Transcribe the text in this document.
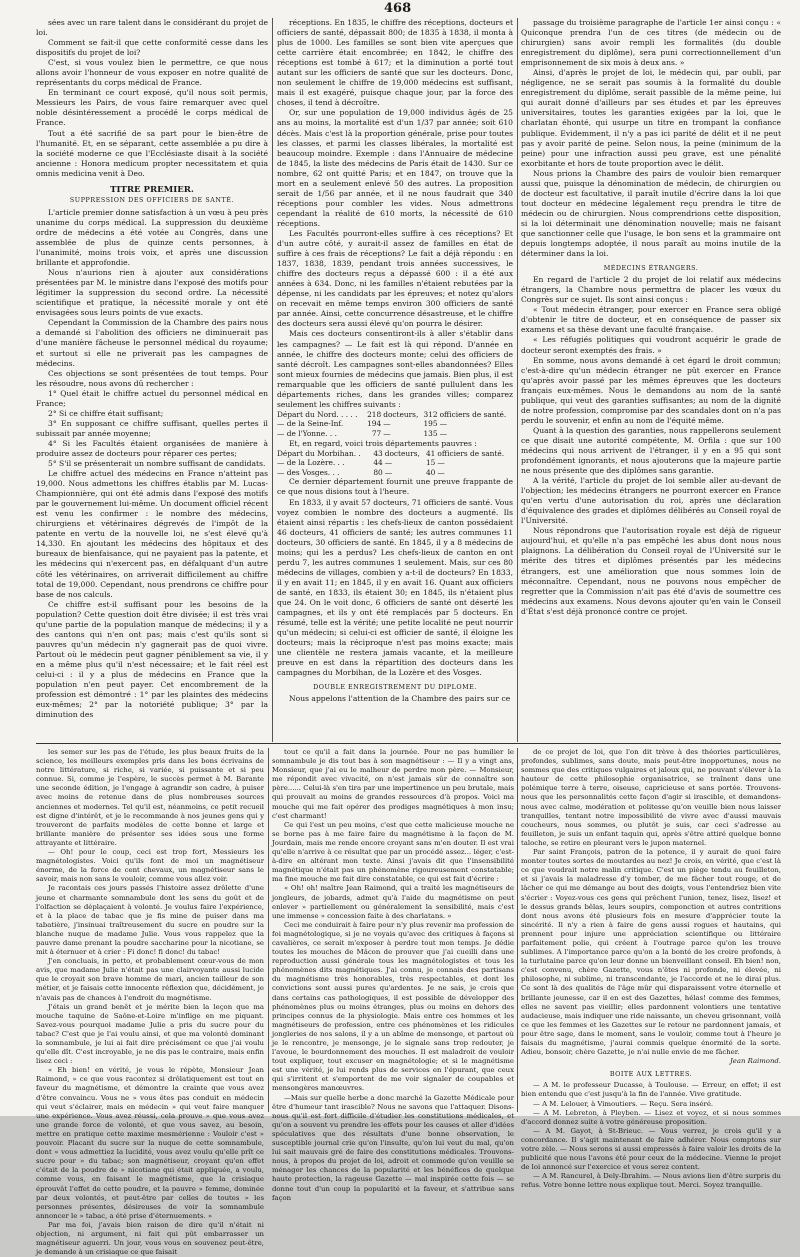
468

sées avec un rare talent dans le considérant du projet de loi.

Comment se fait-il que cette conformité cesse dans les dispositifs du projet de loi?

C'est, si vous voulez bien le permettre, ce que nous allons avoir l'honneur de vous exposer en notre qualité de représentants du corps médical de France.

En terminant ce court exposé, qu'il nous soit permis, Messieurs les Pairs, de vous faire remarquer avec quel noble désintéressement a procédé le corps médical de France.

Tout a été sacrifié de sa part pour le bien-être de l'humanité. Et, en se séparant, cette assemblée a pu dire à la société moderne ce que l'Ecclésiaste disait à la société ancienne : Honora medicum propter necessitatem et quia omnis medicina venit à Deo.

TITRE PREMIER.
SUPPRESSION DES OFFICIERS DE SANTÉ.

L'article premier donne satisfaction à un vœu à peu près unanime du corps médical. La suppression du deuxième ordre de médecins a été votée au Congrès, dans une assemblée de plus de quinze cents personnes, à l'unanimité, moins trois voix, et après une discussion brillante et approfondie.

Nous n'aurions rien à ajouter aux considérations présentées par M. le ministre dans l'exposé des motifs pour légitimer la suppression du second ordre. La nécessité scientifique et pratique, la nécessité morale y ont été envisagées sous leurs points de vue exacts.

Cependant la Commission de la Chambre des pairs nous a demandé si l'abolition des officiers ne diminuerait pas d'une manière fâcheuse le personnel médical du royaume; et surtout si elle ne priverait pas les campagnes de médecins.

Ces objections se sont présentées de tout temps. Pour les résoudre, nous avons dû rechercher :

1° Quel était le chiffre actuel du personnel médical en France;

2° Si ce chiffre était suffisant;

3° En supposant ce chiffre suffisant, quelles pertes il subissait par année moyenne;

4° Si les Facultés étaient organisées de manière à produire assez de docteurs pour réparer ces pertes;

5° S'il se présenterait un nombre suffisant de candidats.

Le chiffre actuel des médecins en France n'atteint pas 19,000. Nous admettons les chiffres établis par M. Lucas-Championnière, qui ont été admis dans l'exposé des motifs par le gouvernement lui-même. Un document officiel récent est venu les confirmer : le nombre des médecins, chirurgiens et vétérinaires dégrevés de l'impôt de la patente en vertu de la nouvelle loi, ne s'est élevé qu'à 14,330. En ajoutant les médecins des hôpitaux et des bureaux de bienfaisance, qui ne payaient pas la patente, et les médecins qui n'exercent pas, en défalquant d'un autre côté les vétérinaires, on arriverait difficilement au chiffre total de 19,000. Cependant, nous prendrons ce chiffre pour base de nos calculs.

Ce chiffre est-il suffisant pour les besoins de la population? Cette question doit être divisée; il est très vrai qu'une partie de la population manque de médecins; il y a des cantons qui n'en ont pas; mais c'est qu'ils sont si pauvres qu'un médecin n'y gagnerait pas de quoi vivre. Partout où le médecin peut gagner péniblement sa vie, il y en a même plus qu'il n'est nécessaire; et le fait réel est celui-ci : il y a plus de médecins en France que la population n'en peut payer. Cet encombrement de la profession est démontré : 1° par les plaintes des médecins eux-mêmes; 2° par la notoriété publique; 3° par la diminution des

réceptions. En 1835, le chiffre des réceptions, docteurs et officiers de santé, dépassait 800; de 1835 à 1838, il monta à plus de 1000. Les familles se sont bien vite aperçues que cette carrière était encombrée; en 1842, le chiffre des réceptions est tombé à 617; et la diminution a porté tout autant sur les officiers de santé que sur les docteurs. Donc, non seulement le chiffre de 19,000 médecins est suffisant, mais il est exagéré, puisque chaque jour, par la force des choses, il tend à décroître.

Or, sur une population de 19,000 individus âgés de 25 ans au moins, la mortalité est d'un 1/37 par année; soit 610 décès. Mais c'est là la proportion générale, prise pour toutes les classes, et parmi les classes libérales, la mortalité est beaucoup moindre. Exemple : dans l'Annuaire de médecine de 1845, la liste des médecins de Paris était de 1430. Sur ce nombre, 62 ont quitté Paris; et en 1847, on trouve que la mort en a seulement enlevé 50 des autres. La proposition serait de 1/56 par année, et il ne nous faudrait que 340 réceptions pour combler les vides. Nous admettrons cependant la réalité de 610 morts, la nécessité de 610 réceptions.

Les Facultés pourront-elles suffire à ces réceptions? Et d'un autre côté, y aurait-il assez de familles en état de suffire à ces frais de réceptions? Le fait a déjà répondu : en 1837, 1838, 1839, pendant trois années successives, le chiffre des docteurs reçus a dépassé 600 : il a été aux années à 634. Donc, ni les familles n'étaient rebutées par la dépense, ni les candidats par les épreuves; et notez qu'alors on recevait en même temps environ 300 officiers de santé par année. Ainsi, cette concurrence désastreuse, et le chiffre des docteurs sera aussi élevé qu'on pourra le désirer.

Mais ces docteurs consentiront-ils à aller s'établir dans les campagnes? — Le fait est là qui répond. D'année en année, le chiffre des docteurs monte; celui des officiers de santé décroît. Les campagnes sont-elles abandonnées? Elles sont mieux fournies de médecins que jamais. Bien plus, il est remarquable que les officiers de santé pullulent dans les départements riches, dans les grandes villes; comparez seulement les chiffres suivants :

Départ du Nord. . . . .	218	docteurs,	312	officiers de santé.
— de la Seine-Inf.	194	—	195	—
— de l'Yonne. . .	77	—	135	—

Et, en regard, voici trois départements pauvres :

Départ du Morbihan. .	43	docteurs,	41	officiers de santé.
— de la Lozère. . .	44	—	15	—
— des Vosges. . .	80	—	40	—

Ce dernier département fournit une preuve frappante de ce que nous disions tout à l'heure.

En 1833, il y avait 57 docteurs, 71 officiers de santé. Vous voyez combien le nombre des docteurs a augmenté. Ils étaient ainsi répartis : les chefs-lieux de canton possédaient 46 docteurs, 41 officiers de santé; les autres communes 11 docteurs, 30 officiers de santé. En 1845, il y a 8 médecins de moins; qui les a perdus? Les chefs-lieux de canton en ont perdu 7, les autres communes 1 seulement. Mais, sur ces 80 médecins de villages, combien y a-t-il de docteurs? En 1833, il y en avait 11; en 1845, il y en avait 16. Quant aux officiers de santé, en 1833, ils étaient 30; en 1845, ils n'étaient plus que 24. On le voit donc, 6 officiers de santé ont déserté les campagnes, et ils y ont été remplacés par 5 docteurs. En résumé, telle est la vérité; une petite localité ne peut nourrir qu'un médecin; si celui-ci est officier de santé, il éloigne les docteurs; mais la réciproque n'est pas moins exacte; mais une clientèle ne restera jamais vacante, et la meilleure preuve en est dans la répartition des docteurs dans les campagnes du Morbihan, de la Lozère et des Vosges.

DOUBLE ENREGISTREMENT DU DIPLOME.

Nous appelons l'attention de la Chambre des pairs sur ce

passage du troisième paragraphe de l'article 1er ainsi conçu : « Quiconque prendra l'un de ces titres (de médecin ou de chirurgien) sans avoir rempli les formalités (du double enregistrement du diplôme), sera puni correctionnellement d'un emprisonnement de six mois à deux ans. »

Ainsi, d'après le projet de loi, le médecin qui, par oubli, par négligence, ne se serait pas soumis à la formalité du double enregistrement du diplôme, serait passible de la même peine, lui qui aurait donné d'ailleurs par ses études et par les épreuves universitaires, toutes les garanties exigées par la loi, que le charlatan éhonté, qui usurpe un titre en trompant la confiance publique. Evidemment, il n'y a pas ici parité de délit et il ne peut pas y avoir parité de peine. Selon nous, la peine (minimum de la peine) pour une infraction aussi peu grave, est une pénalité exorbitante et hors de toute proportion avec le délit.

Nous prions la Chambre des pairs de vouloir bien remarquer aussi que, puisque la dénomination de médecin, de chirurgien ou de docteur est facultative, il paraît inutile d'écrire dans la loi que tout docteur en médecine légalement reçu prendra le titre de médecin ou de chirurgien. Nous comprendrions cette disposition, si la loi déterminait une dénomination nouvelle; mais ne faisant que sanctionner celle que l'usage, le bon sens et la grammaire ont depuis longtemps adoptée, il nous paraît au moins inutile de la déterminer dans la loi.

MÉDECINS ÉTRANGERS.

En regard de l'article 2 du projet de loi relatif aux médecins étrangers, la Chambre nous permettra de placer les vœux du Congrès sur ce sujet. Ils sont ainsi conçus :

« Tout médecin étranger, pour exercer en France sera obligé d'obtenir le titre de docteur, et en conséquence de passer six examens et sa thèse devant une faculté française.

« Les réfugiés politiques qui voudront acquérir le grade de docteur seront exemptés des frais. »

En somme, nous avons demandé à cet égard le droit commun; c'est-à-dire qu'un médecin étranger ne pût exercer en France qu'après avoir passé par les mêmes épreuves que les docteurs français eux-mêmes. Nous le demandons au nom de la santé publique, qui veut des garanties suffisantes; au nom de la dignité de notre profession, compromise par des scandales dont on n'a pas perdu le souvenir, et enfin au nom de l'équité même.

Quant à la question des garanties, nous rappellerons seulement ce que disait une autorité compétente, M. Orfila : que sur 100 médecins qui nous arrivent de l'étranger, il y en a 95 qui sont profondément ignorants, et nous ajouterons que la majeure partie ne nous présente que des diplômes sans garantie.

A la vérité, l'article du projet de loi semble aller au-devant de l'objection; les médecins étrangers ne pourront exercer en France qu'en vertu d'une autorisation du roi, après une déclaration d'équivalence des grades et diplômes délibérés au Conseil royal de l'Université.

Nous répondrons que l'autorisation royale est déjà de rigueur aujourd'hui, et qu'elle n'a pas empêché les abus dont nous nous plaignons. La délibération du Conseil royal de l'Université sur le mérite des titres et diplômes présentés par les médecins étrangers, est une amélioration que nous sommes loin de méconnaître. Cependant, nous ne pouvons nous empêcher de regretter que la Commission n'ait pas été d'avis de soumettre ces médecins aux examens. Nous devons ajouter qu'en vain le Conseil d'État s'est déjà prononcé contre ce projet.

les semer sur les pas de l'étude, les plus beaux fruits de la science, les meilleurs exemples pris dans les bons écrivains de notre littérature, si riche, si variée, si puissante et si peu connue. Si, comme je l'espère, le succès permet à M. Barante une seconde édition, je l'engage à agrandir son cadre, à puiser avec moins de retenue dans de plus nombreuses sources anciennes et modernes. Tel qu'il est, néanmoins, ce petit recueil est digne d'intérêt, et je le recommande à nos jeunes gens qui y trouveront de parfaits modèles de cette bonne et large et brillante manière de présenter ses idées sous une forme attrayante et littéraire.

— Oh! pour le coup, ceci est trop fort, Messieurs les magnétologistes. Voici qu'ils font de moi un magnétiseur énorme, de la force de cent chevaux, un magnétiseur sans le savoir, mais non sans le vouloir, comme vous allez voir.

Je racontais ces jours passés l'histoire assez drôlette d'une jeune et charmante somnambule dont les sens du goût et de l'olfaction se déplaçaient à volonté. Je voulus faire l'expérience, et à la place de tabac que je fis mine de puiser dans ma tabatière, j'insinuai traîtreusement du sucre en poudre sur la blanche nuque de madame Julie. Vous vous rappelez que la pauvre dame prenant la poudre saccharine pour la nicotiane, se mit à éternuer et à crier : Fi donc! fi donc! du tabac!

J'en concluais, in petto, et probablement cœur-vous de mon avis, que madame Julie n'était pas une clairvoyante aussi lucide que le croyait son brave homme de mari, ancien tailleur de son métier, et je faisais cette innocente réflexion que, décidément, je n'avais pas de chances à l'endroit du magnétisme.

J'étais un grand benêt et je mérite bien la leçon que ma mouche taquine de Saône-et-Loire m'inflige en me piquant. Savez-vous pourquoi madame Julie a pris du sucre pour du tabac? C'est que je l'ai voulu ainsi, et que ma volonté dominant la somnambule, je lui ai fait dire précisément ce que j'ai voulu qu'elle dît. C'est incroyable, je ne dis pas le contraire, mais enfin lisez ceci :

« Eh bien! en vérité, je vous le répète, Monsieur Jean Raimond, » ce que vous racontez si drôlatiquement est tout en faveur du magnétisme, et démontre la crainte que vous avez d'être convaincu. Vous ne » vous êtes pas conduit en médecin qui veut s'éclairer, mais en médecin » qui veut faire manquer une expérience. Vous avez réussi, cela prouve » que vous avez une grande force de volonté, et que vous savez, au besoin, mettre en pratique cette maxime mesmérienne : Vouloir c'est » pouvoir. Placant du sucre sur la nuque de cette somnambule, dont » vous admettiez la lucidité, vous avez voulu qu'elle prît ce sucre pour » du tabac; son magnétiseur, croyant qu'en effet c'était de la poudre de » nicotiane qui était appliquée, a voulu, comme vous, en faisant le magnétisme, que la crisiaque éprouvât l'effet de cette poudre, et la pauvre » femme, dominée par deux volontés, et peut-être par celles de toutes » les personnes présentes, désireuses de voir la somnambule annoncer le » tabac, a été prise d'éternuements. »

Par ma foi, j'avais bien raison de dire qu'il n'était ni objection, ni argument, ni fait qui pût embarrasser un magnétiseur aguerri. Un jour, vous vous en souvenez peut-être, je demande à un crisiaque ce que faisait

tout ce qu'il a fait dans la journée. Pour ne pas humilier le somnambule je dis tout bas à son magnétiseur : — Il y a vingt ans, Monsieur, que j'ai eu le malheur de perdre mon père. — Monsieur, me répondit avec vivacité, on n'est jamais sûr de connaître son père...... Celui-là s'en tira par une impertinence un peu brutale, mais qui prouvait au moins de grandes ressources d'à propos. Voici ma mouche qui me fait opérer des prodiges magnétiques à mon insu; c'est charmant!

Ce qui l'est un peu moins, c'est que cette malicieuse mouche ne se borne pas à me faire faire du magnétisme à la façon de M. Jourdain, mais me rende encore croyant sans m'en douter. Il est vrai qu'elle n'arrive à ce résultat que par un procédé assez... léger, c'est-à-dire en altérant mon texte. Ainsi j'avais dit que l'insensibilité magnétique n'était pas un phénomène rigoureusement constatable; ma fine mouche me fait dire constatable, ce qui est fait d'écrire :

« Oh! oh! maître Jean Raimond, qui a traité les magnétiseurs de jongleurs, de jobards, admet qu'à l'aide du magnétisme on peut enlever » partiellement ou généralement la sensibilité, mais c'est une immense » concession faite à des charlatans. »

Ceci me conduirait à faire pour n'y plus revenir ma profession de foi magnétologique, si je ne voyais qu'avec des critiques à façons si cavalières, ce serait m'exposer à perdre tout mon temps. Je dédie toutes les mouches de Mâcon de prouver que j'ai cueilli dans une reproduction aussi générale tous les magnétologistes et tous les phénomènes dits magnétiques. J'ai connu, je connais des partisans du magnétisme très honorables, très respectables, et dont les convictions sont aussi pures qu'ardentes. Je ne sais, je crois que dans certains cas pathologiques, il est possible de développer des phénomènes plus ou moins étranges, plus ou moins en dehors des principes connus de la physiologie. Mais entre ces hommes et les magnétiseurs de profession, entre ces phénomènes et les ridicules jongleries de nos salons, il y a un abîme de mensonge, et partout où je le rencontre, je mensonge, je le signale sans trop redouter, je l'avoue, le bourdonnement des mouches. Il est maladroit de vouloir tout expliquer, tout excuser en magnétologie; et si le magnétisme est une vérité, je lui rends plus de services en l'épurant, que ceux qui s'irritent et s'emportent de me voir signaler de coupables et mensongères manœuvres.

—Mais sur quelle herbe a donc marché la Gazette Médicale pour être d'humeur tant irascible? Nous ne savons que l'attaquer. Disons-nous qu'il est fort difficile d'étudier les constitutions médicales, et qu'on a souvent vu prendre les effets pour les causes et aller d'idées spéculatives que des résultats d'une bonne observation, le susceptible journal crie qu'on l'insulte, qu'on lui veut du mal, qu'on lui sait mauvais gré de faire des constitutions médicales. Trouvons-nous, à propos du projet de loi, adroit et commode qu'on veuille se ménager les chances de la popularité et les bénéfices de quelque haute protection, la rageuse Gazette — mal inspirée cette fois — se donne tout d'un coup la popularité et la faveur, et s'attribue sans façon

de ce projet de loi, que l'on dit trève à des théories particulières, profondes, sublimes, sans doute, mais peut-être inopportunes, nous ne sommes que des critiques vulgaires et jaloux qui, ne pouvant s'élever à la hauteur de cette philosophie organisatrice, se traînent dans une polémique terre à terre, oiseuse, capricieuse et sans portée. Trouvons-nous que les personnalités cette façon d'agir si irascible, et demandons-nous avec calme, modération et politesse qu'on veuille bien nous laisser tranquilles, tentant notre impossibilité de vivre avec d'aussi mauvais coucheurs, nous sommes, ou plutôt je suis, car ceci s'adresse au feuilleton, je suis un enfant taquin qui, après s'être attiré quelque bonne taloche, se retire en pleurant vers le jupon maternel.

Par saint François, patron de la potence, il y aurait de quoi faire monter toutes sortes de moutardes au nez! Je crois, en vérité, que c'est là ce que voudrait notre malin critique. C'est un piège tendu au feuilleton, et si j'avais la maladresse d'y tomber, de me fâcher tout rouge, et de lâcher ce qui me démange au bout des doigts, vous l'entendriez bien vite s'écrier : Voyez-vous ces gens qui prêchent l'union, tenez, lisez, lisez! et le dessus grands bêlas, leurs soupirs, componction et autres contritions dont nous avons été plusieurs fois en mesure d'apprécier toute la sincérité. Il n'y a rien à faire de gens aussi rogues et hautains, qui prennent pour injure une appréciation scientifique ou littéraire parfaitement polie, qui créent à l'outrage parce qu'on les trouve sublimes. A l'importance parce qu'on a la bonté de les croire profonds, à la turlutaine parce qu'on leur donne un bienveillant conseil. Eh bien! non, c'est convenu, chère Gazette, vous n'êtes ni profonde, ni élevée, ni philosophe, ni sublime, ni transcendante, je l'accorde et ne le dirai plus. Ce sont là des qualités de l'âge mûr qui disparaissent votre éternelle et brillante jeunesse, car il en est des Gazettes, hélas! comme des femmes, elles ne savent pas vieillir; elles pardonnent volontiers une tentative audacieuse, mais indiquer une ride naissante, un cheveu grisonnant, voilà ce que les femmes et les Gazettes sur le retour ne pardonnent jamais, et pour être sage, dans le moment, sans le vouloir, comme tout à l'heure je faisais du magnétisme, j'aurai commis quelque énormité de la sorte. Adieu, bonsoir, chère Gazette, je n'ai nulle envie de me fâcher.

Jean Raimond.
BOITE AUX LETTRES.

— A M. le professeur Ducasse, à Toulouse. — Erreur, en effet; il est bien entendu que c'est jusqu'à la fin de l'année. Vive gratitude.

— A M. Lelouer, à Vimoutiers. — Reçu. Sera inséré.

— A M. Lebreton, à Pleyben. — Lisez et voyez, et si nous sommes d'accord donnez suite à votre généreuse proposition.

— A M. Gayot, à St-Brieuc. — Vous verrez, je crois qu'il y a concordance. Il s'agit maintenant de faire adhérer. Nous comptons sur votre zèle. — Nous serons si aussi empressés à faire valoir les droits de la publicité que nous l'avons été pour ceux de la médecine. Vienne le projet de loi annoncé sur l'exercice et vous serez content.

— A M. Rancurel, à Dely-Ibrahim. — Nous avions lien d'être surpris du refus. Votre bonne lettre nous explique tout. Merci. Soyez tranquille.
